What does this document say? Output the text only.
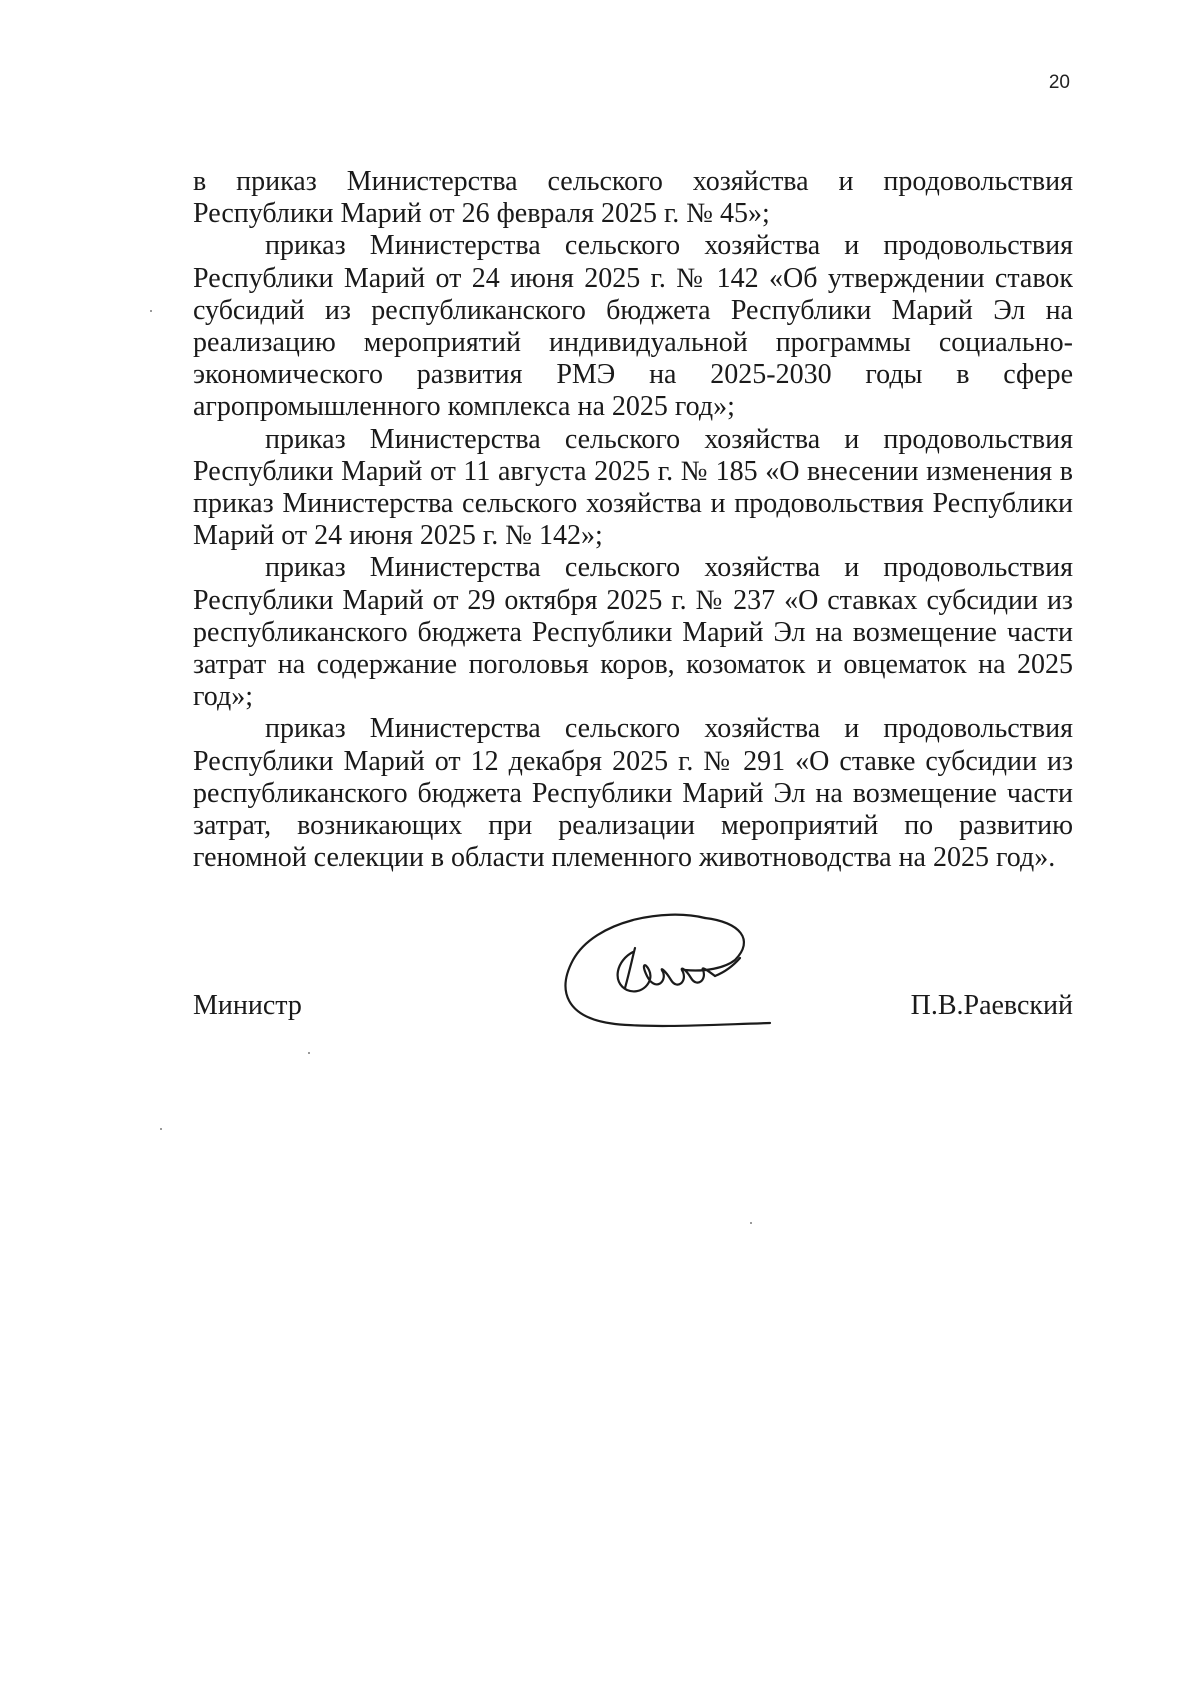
20

в приказ Министерства сельского хозяйства и продовольствия Республики Марий от 26 февраля 2025 г. № 45»;

приказ Министерства сельского хозяйства и продовольствия Республики Марий от 24 июня 2025 г. № 142 «Об утверждении ставок субсидий из республиканского бюджета Республики Марий Эл на реализацию мероприятий индивидуальной программы социально-экономического развития РМЭ на 2025-2030 годы в сфере агропромышленного комплекса на 2025 год»;

приказ Министерства сельского хозяйства и продовольствия Республики Марий от 11 августа 2025 г. № 185 «О внесении изменения в приказ Министерства сельского хозяйства и продовольствия Республики Марий от 24 июня 2025 г. № 142»;

приказ Министерства сельского хозяйства и продовольствия Республики Марий от 29 октября 2025 г. № 237 «О ставках субсидии из республиканского бюджета Республики Марий Эл на возмещение части затрат на содержание поголовья коров, козоматок и овцематок на 2025 год»;

приказ Министерства сельского хозяйства и продовольствия Республики Марий от 12 декабря 2025 г. № 291 «О ставке субсидии из республиканского бюджета Республики Марий Эл на возмещение части затрат, возникающих при реализации мероприятий по развитию геномной селекции в области племенного животноводства на 2025 год».

Министр	П.В.Раевский
